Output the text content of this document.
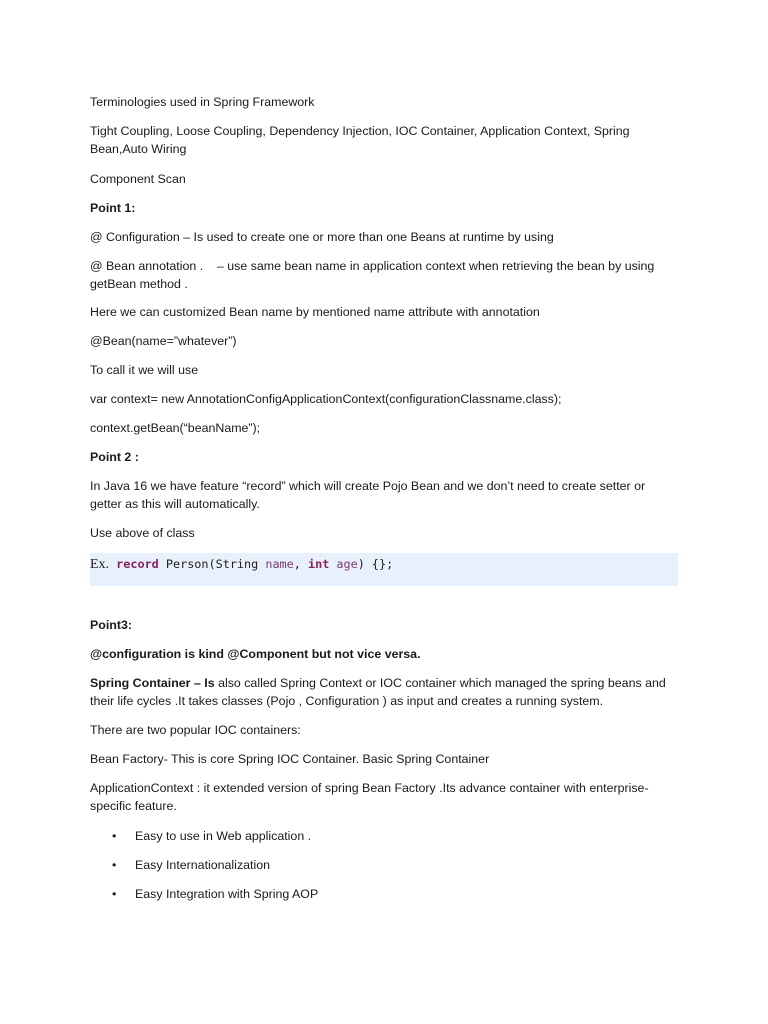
Terminologies used in Spring Framework

Tight Coupling, Loose Coupling, Dependency Injection, IOC Container, Application Context, Spring

Bean,Auto Wiring

Component Scan

Point 1:

@ Configuration – Is used to create one or more than one Beans at runtime by using

@ Bean annotation .    – use same bean name in application context when retrieving the bean by using

getBean method .

Here we can customized Bean name by mentioned name attribute with annotation

@Bean(name=”whatever”)

To call it we will use

var context= new AnnotationConfigApplicationContext(configurationClassname.class);

context.getBean(“beanName”);

Point 2 :

In Java 16 we have feature “record” which will create Pojo Bean and we don’t need to create setter or

getter as this will automatically.

Use above of class

Ex. record Person(String name, int age) {};

Point3:

@configuration is kind @Component but not vice versa.

Spring Container – Is also called Spring Context or IOC container which managed the spring beans and

their life cycles .It takes classes (Pojo , Configuration ) as input and creates a running system.

There are two popular IOC containers:

Bean Factory- This is core Spring IOC Container. Basic Spring Container

ApplicationContext : it extended version of spring Bean Factory .Its advance container with enterprise-

specific feature.

• Easy to use in Web application .
• Easy Internationalization
• Easy Integration with Spring AOP
